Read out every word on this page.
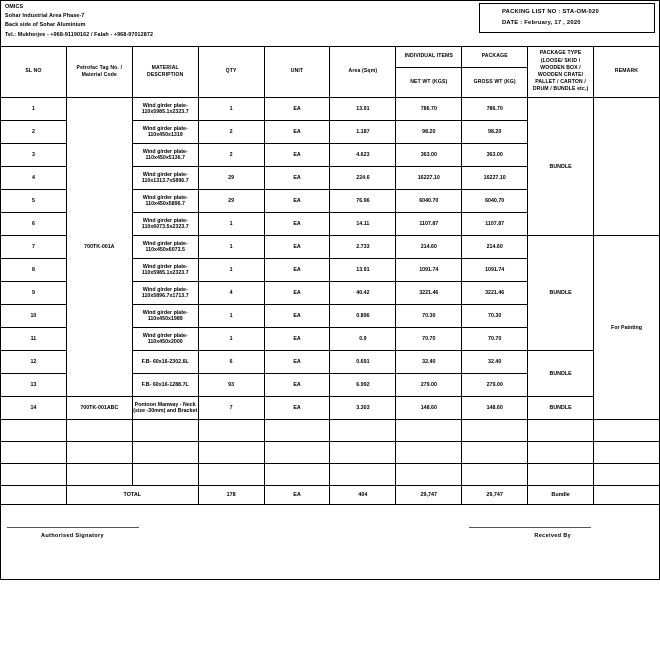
OMICS
Sohar Industrial Area Phase-7
Back side of Sohar Aluminium
Tel.: Mukherjee - +968-91190162 / Falah - +968-97012872
PACKING LIST NO : STA-OM-020
DATE : February, 17 , 2020
SL NO	Petrofac Tag No. / Material Code	MATERIAL DESCRIPTION	QTY	UNIT	Area (Sqm)	INDIVIDUAL ITEMS	PACKAGE	PACKAGE TYPE (LOOSE/ SKID / WOODEN BOX / WOODEN CRATE/ PALLET / CARTON / DRUM / BUNDLE etc.)	REMARK
						NET WT (KGS)	GROSS WT (KG)		
1	700TK-001A	Wind girder plate-110x5985.1x2323.7	1	EA	13.91	786.70	786.70	BUNDLE	
2		Wind girder plate-110x450x1319	2	EA	1.187	98.20	98.20		
3		Wind girder plate-110x450x5136.7	2	EA	4.623	363.00	363.00		
4		Wind girder plate-110x1313.7x5896.7	29	EA	224.6	16227.10	16227.10		
5		Wind girder plate-110x450x5896.7	29	EA	76.96	6040.70	6040.70		
6		Wind girder plate-110x6073.5x2323.7	1	EA	14.11	1107.87	1107.87		
7		Wind girder plate-110x450x6073.5	1	EA	2.733	214.60	214.60	BUNDLE	For Painting
8		Wind girder plate-110x5985.1x2323.7	1	EA	13.91	1091.74	1091.74		
9		Wind girder plate-110x5896.7x1713.7	4	EA	40.42	3221.46	3221.46		
10		Wind girder plate-110x450x1989	1	EA	0.896	70.30	70.30		
11		Wind girder plate-110x450x2000	1	EA	0.9	70.70	70.70		
12		F.B- 60x16-2302.6L	6	EA	0.691	32.40	32.40	BUNDLE	
13		F.B- 60x16-1288.7L	93	EA	6.992	279.00	279.00		
14	700TK-001ABC	Pontoon Manway - Neck (size -30mm) and Bracket	7	EA	3.303	148.60	148.60	BUNDLE	

	TOTAL		178	EA	404	29,747	29,747	Bundle	
Authorised Signatory	Received By
